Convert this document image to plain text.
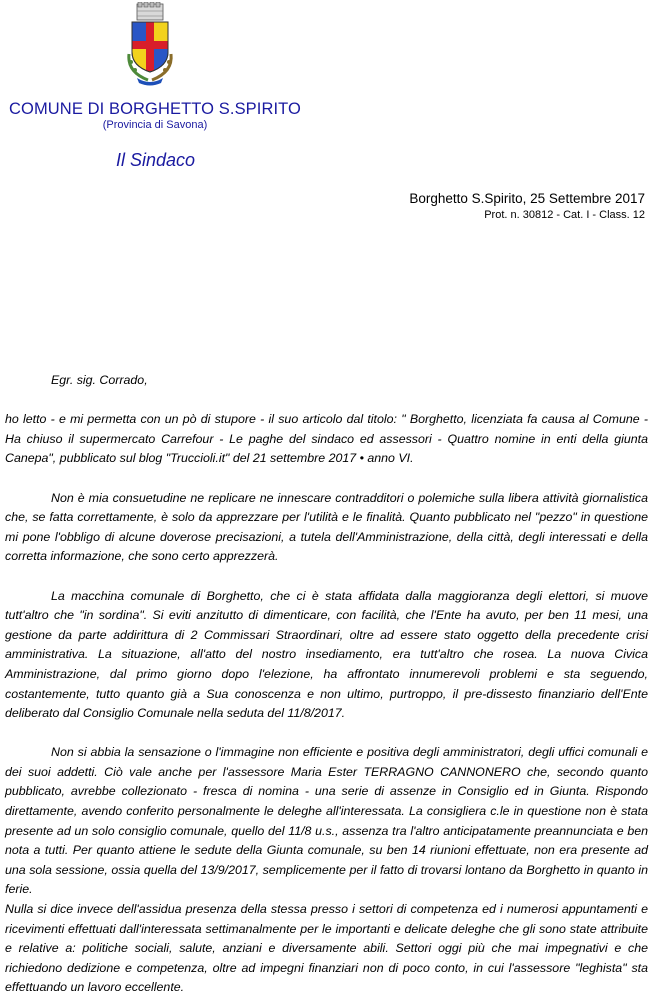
COMUNE DI BORGHETTO S.SPIRITO
(Provincia di Savona)
Il Sindaco
Borghetto S.Spirito, 25 Settembre 2017
Prot. n. 30812 - Cat. I - Class. 12

Egr. sig. Corrado,

ho letto - e mi permetta con un pò di stupore - il suo articolo dal titolo: " Borghetto, licenziata fa causa al Comune - Ha chiuso il supermercato Carrefour - Le paghe del sindaco ed assessori - Quattro nomine in enti della giunta Canepa", pubblicato sul blog "Truccioli.it" del 21 settembre 2017 • anno VI.

Non è mia consuetudine ne replicare ne innescare contradditori o polemiche sulla libera attività giornalistica che, se fatta correttamente, è solo da apprezzare per l'utilità e le finalità. Quanto pubblicato nel "pezzo" in questione mi pone l'obbligo di alcune doverose precisazioni, a tutela dell'Amministrazione, della città, degli interessati e della corretta informazione, che sono certo apprezzerà.

La macchina comunale di Borghetto, che ci è stata affidata dalla maggioranza degli elettori, si muove tutt'altro che "in sordina". Si eviti anzitutto di dimenticare, con facilità, che l'Ente ha avuto, per ben 11 mesi, una gestione da parte addirittura di 2 Commissari Straordinari, oltre ad essere stato oggetto della precedente crisi amministrativa. La situazione, all'atto del nostro insediamento, era tutt'altro che rosea. La nuova Civica Amministrazione, dal primo giorno dopo l'elezione, ha affrontato innumerevoli problemi e sta seguendo, costantemente, tutto quanto già a Sua conoscenza e non ultimo, purtroppo, il pre-dissesto finanziario dell'Ente deliberato dal Consiglio Comunale nella seduta del 11/8/2017.

Non si abbia la sensazione o l'immagine non efficiente e positiva degli amministratori, degli uffici comunali e dei suoi addetti. Ciò vale anche per l'assessore Maria Ester TERRAGNO CANNONERO che, secondo quanto pubblicato, avrebbe collezionato - fresca di nomina - una serie di assenze in Consiglio ed in Giunta. Rispondo direttamente, avendo conferito personalmente le deleghe all'interessata. La consigliera c.le in questione non è stata presente ad un solo consiglio comunale, quello del 11/8 u.s., assenza tra l'altro anticipatamente preannunciata e ben nota a tutti. Per quanto attiene le sedute della Giunta comunale, su ben 14 riunioni effettuate, non era presente ad una sola sessione, ossia quella del 13/9/2017, semplicemente per il fatto di trovarsi lontano da Borghetto in quanto in ferie.

Nulla si dice invece dell'assidua presenza della stessa presso i settori di competenza ed i numerosi appuntamenti e ricevimenti effettuati dall'interessata settimanalmente per le importanti e delicate deleghe che gli sono state attribuite e relative a: politiche sociali, salute, anziani e diversamente abili. Settori oggi più che mai impegnativi e che richiedono dedizione e competenza, oltre ad impegni finanziari non di poco conto, in cui l'assessore "leghista" sta effettuando un lavoro eccellente.
